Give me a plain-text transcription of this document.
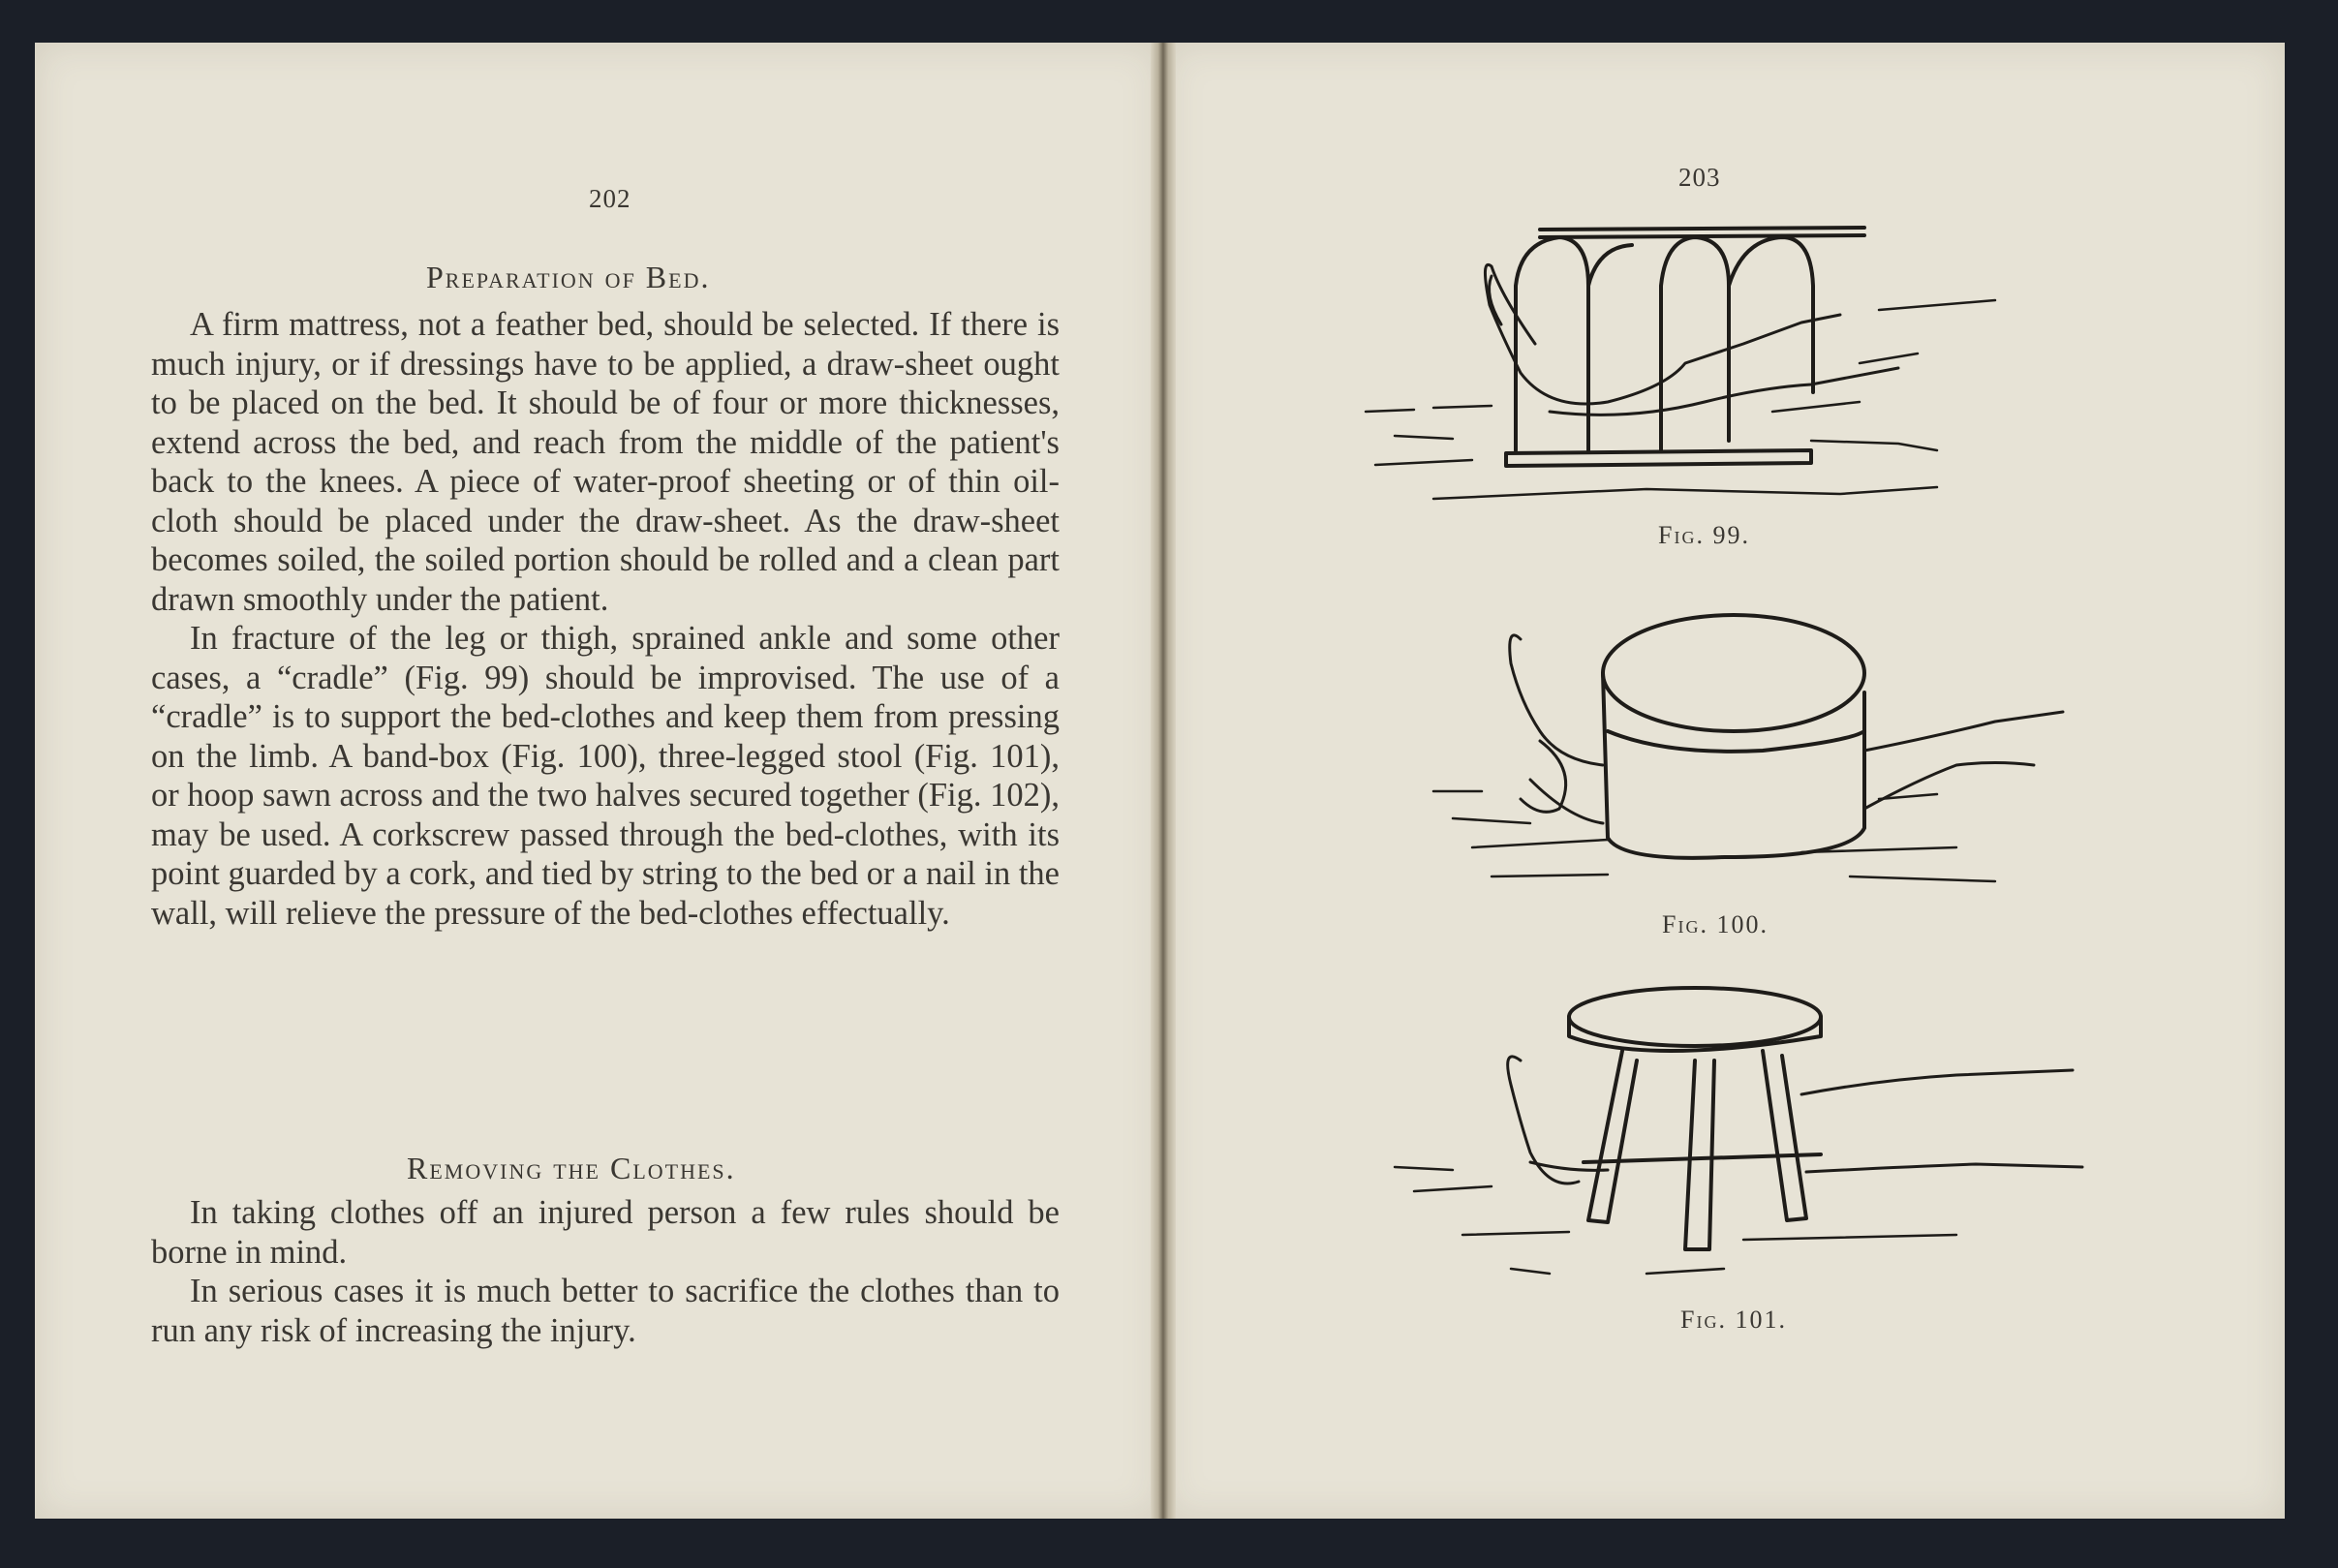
202
Preparation of Bed.

A firm mattress, not a feather bed, should be selected. If there is much injury, or if dressings have to be applied, a draw-sheet ought to be placed on the bed. It should be of four or more thicknesses, extend across the bed, and reach from the middle of the patient's back to the knees. A piece of water-proof sheeting or of thin oil-cloth should be placed under the draw-sheet. As the draw-sheet becomes soiled, the soiled portion should be rolled and a clean part drawn smoothly under the patient.

In fracture of the leg or thigh, sprained ankle and some other cases, a “cradle” (Fig. 99) should be improvised. The use of a “cradle” is to support the bed-clothes and keep them from pressing on the limb. A band-box (Fig. 100), three-legged stool (Fig. 101), or hoop sawn across and the two halves secured together (Fig. 102), may be used. A corkscrew passed through the bed-clothes, with its point guarded by a cork, and tied by string to the bed or a nail in the wall, will relieve the pressure of the bed-clothes effectually.

Removing the Clothes.

In taking clothes off an injured person a few rules should be borne in mind.

In serious cases it is much better to sacrifice the clothes than to run any risk of increasing the injury.

203
Fig. 99.
Fig. 100.
Fig. 101.
